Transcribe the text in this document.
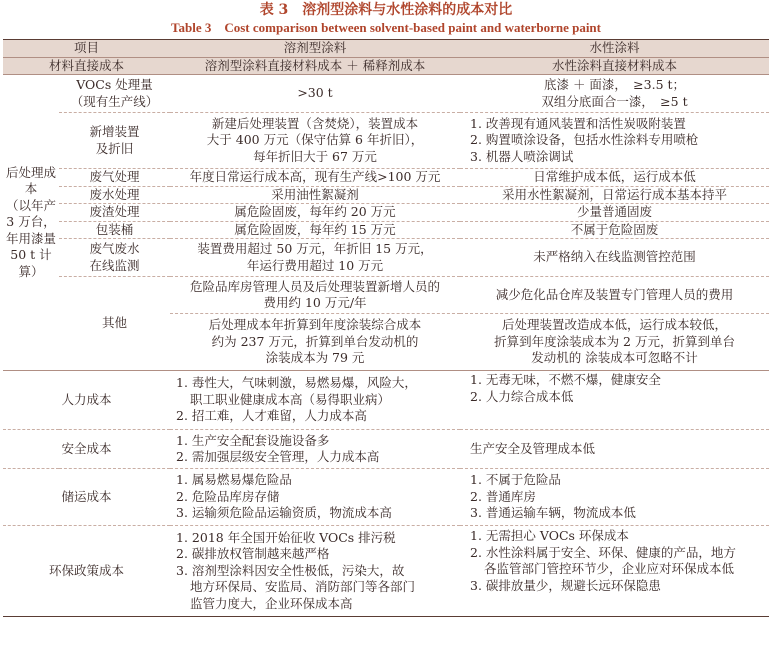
表 3　溶剂型涂料与水性涂料的成本对比
Table 3　Cost comparison between solvent-based paint and waterborne paint
项目		溶剂型涂料	水性涂料
材料直接成本		溶剂型涂料直接材料成本 ＋ 稀释剂成本	水性涂料直接材料成本
后处理成本
（以年产
3 万台，
年用漆量
50 t 计算）	VOCs 处理量
（现有生产线）	>30 t	底漆 ＋ 面漆，　≥3.5 t；
双组分底面合一漆，　≥5 t
	新增装置
及折旧	新建后处理装置（含焚烧），装置成本
大于 400 万元（保守估算 6 年折旧），
每年折旧大于 67 万元	1. 改善现有通风装置和活性炭吸附装置
2. 购置喷涂设备，包括水性涂料专用喷枪
3. 机器人喷涂调试
	废气处理	年度日常运行成本高，现有生产线>100 万元	日常维护成本低，运行成本低
	废水处理	采用油性絮凝剂	采用水性絮凝剂，日常运行成本基本持平
	废渣处理	属危险固废，每年约 20 万元	少量普通固废
	包装桶	属危险固废，每年约 15 万元	不属于危险固废
	废气废水
在线监测	装置费用超过 50 万元，年折旧 15 万元，
年运行费用超过 10 万元	未严格纳入在线监测管控范围
	其他	危险品库房管理人员及后处理装置新增人员的
费用约 10 万元/年	减少危化品仓库及装置专门管理人员的费用
		后处理成本年折算到年度涂装综合成本
约为 237 万元，折算到单台发动机的
涂装成本为 79 元	后处理装置改造成本低，运行成本较低，
折算到年度涂装成本为 2 万元，折算到单台
发动机的 涂装成本可忽略不计

人力成本		1. 毒性大，气味刺激，易燃易爆，风险大，
职工职业健康成本高（易得职业病）
2. 招工难，人才难留，人力成本高	1. 无毒无味，不燃不爆，健康安全
2. 人力综合成本低
安全成本		1. 生产安全配套设施设备多
2. 需加强层级安全管理，人力成本高	生产安全及管理成本低
储运成本		1. 属易燃易爆危险品
2. 危险品库房存储
3. 运输须危险品运输资质，物流成本高	1. 不属于危险品
2. 普通库房
3. 普通运输车辆，物流成本低
环保政策成本		1. 2018 年全国开始征收 VOCs 排污税
2. 碳排放权管制越来越严格
3. 溶剂型涂料因安全性极低，污染大，故
地方环保局、安监局、消防部门等各部门
监管力度大，企业环保成本高	1. 无需担心 VOCs 环保成本
2. 水性涂料属于安全、环保、健康的产品，地方
各监管部门管控环节少，企业应对环保成本低
3. 碳排放量少，规避长远环保隐患
